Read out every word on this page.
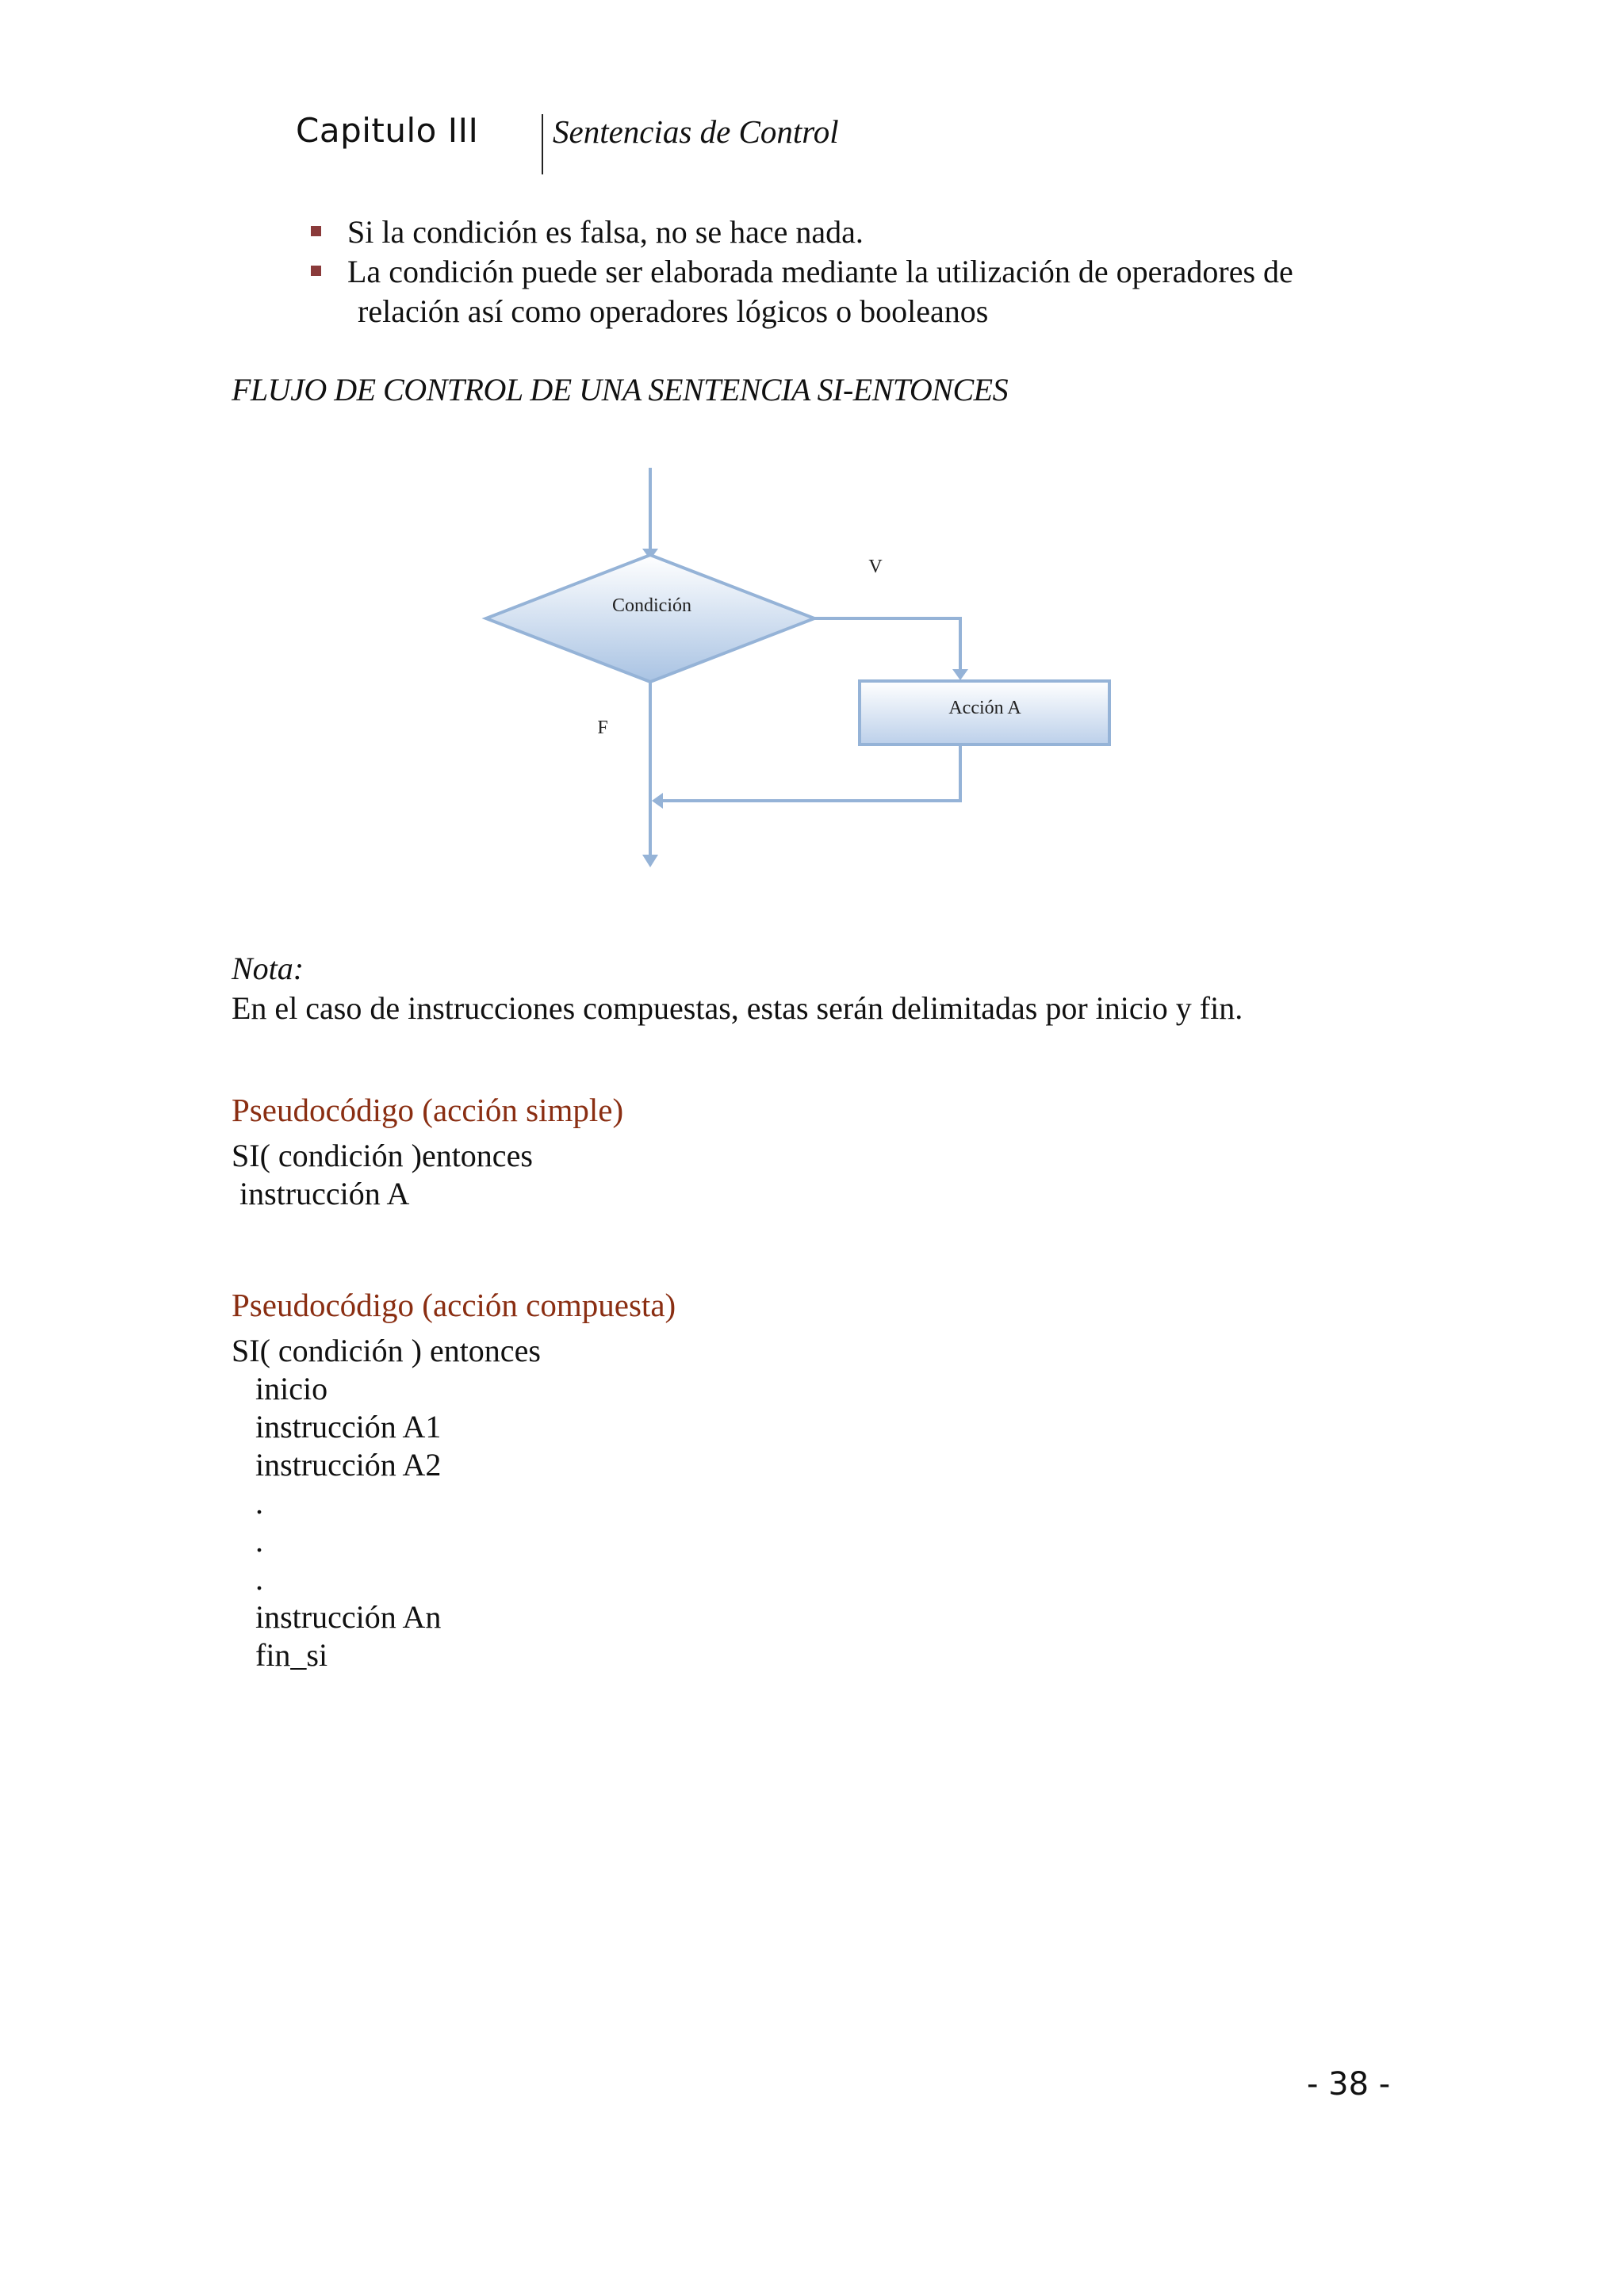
Capitulo III Sentencias de Control
Si la condición es falsa, no se hace nada.
La condición puede ser elaborada mediante la utilización de operadores de
relación así como operadores lógicos o booleanos
FLUJO DE CONTROL DE UNA SENTENCIA SI-ENTONCES
Condición
V
Acción A
F
Nota:
En el caso de instrucciones compuestas, estas serán delimitadas por inicio y fin.
Pseudocódigo (acción simple)
SI( condición )entonces
instrucción A
Pseudocódigo (acción compuesta)
SI( condición ) entonces
inicio
instrucción A1
instrucción A2
.
.
.
instrucción An
fin_si
- 38 -
